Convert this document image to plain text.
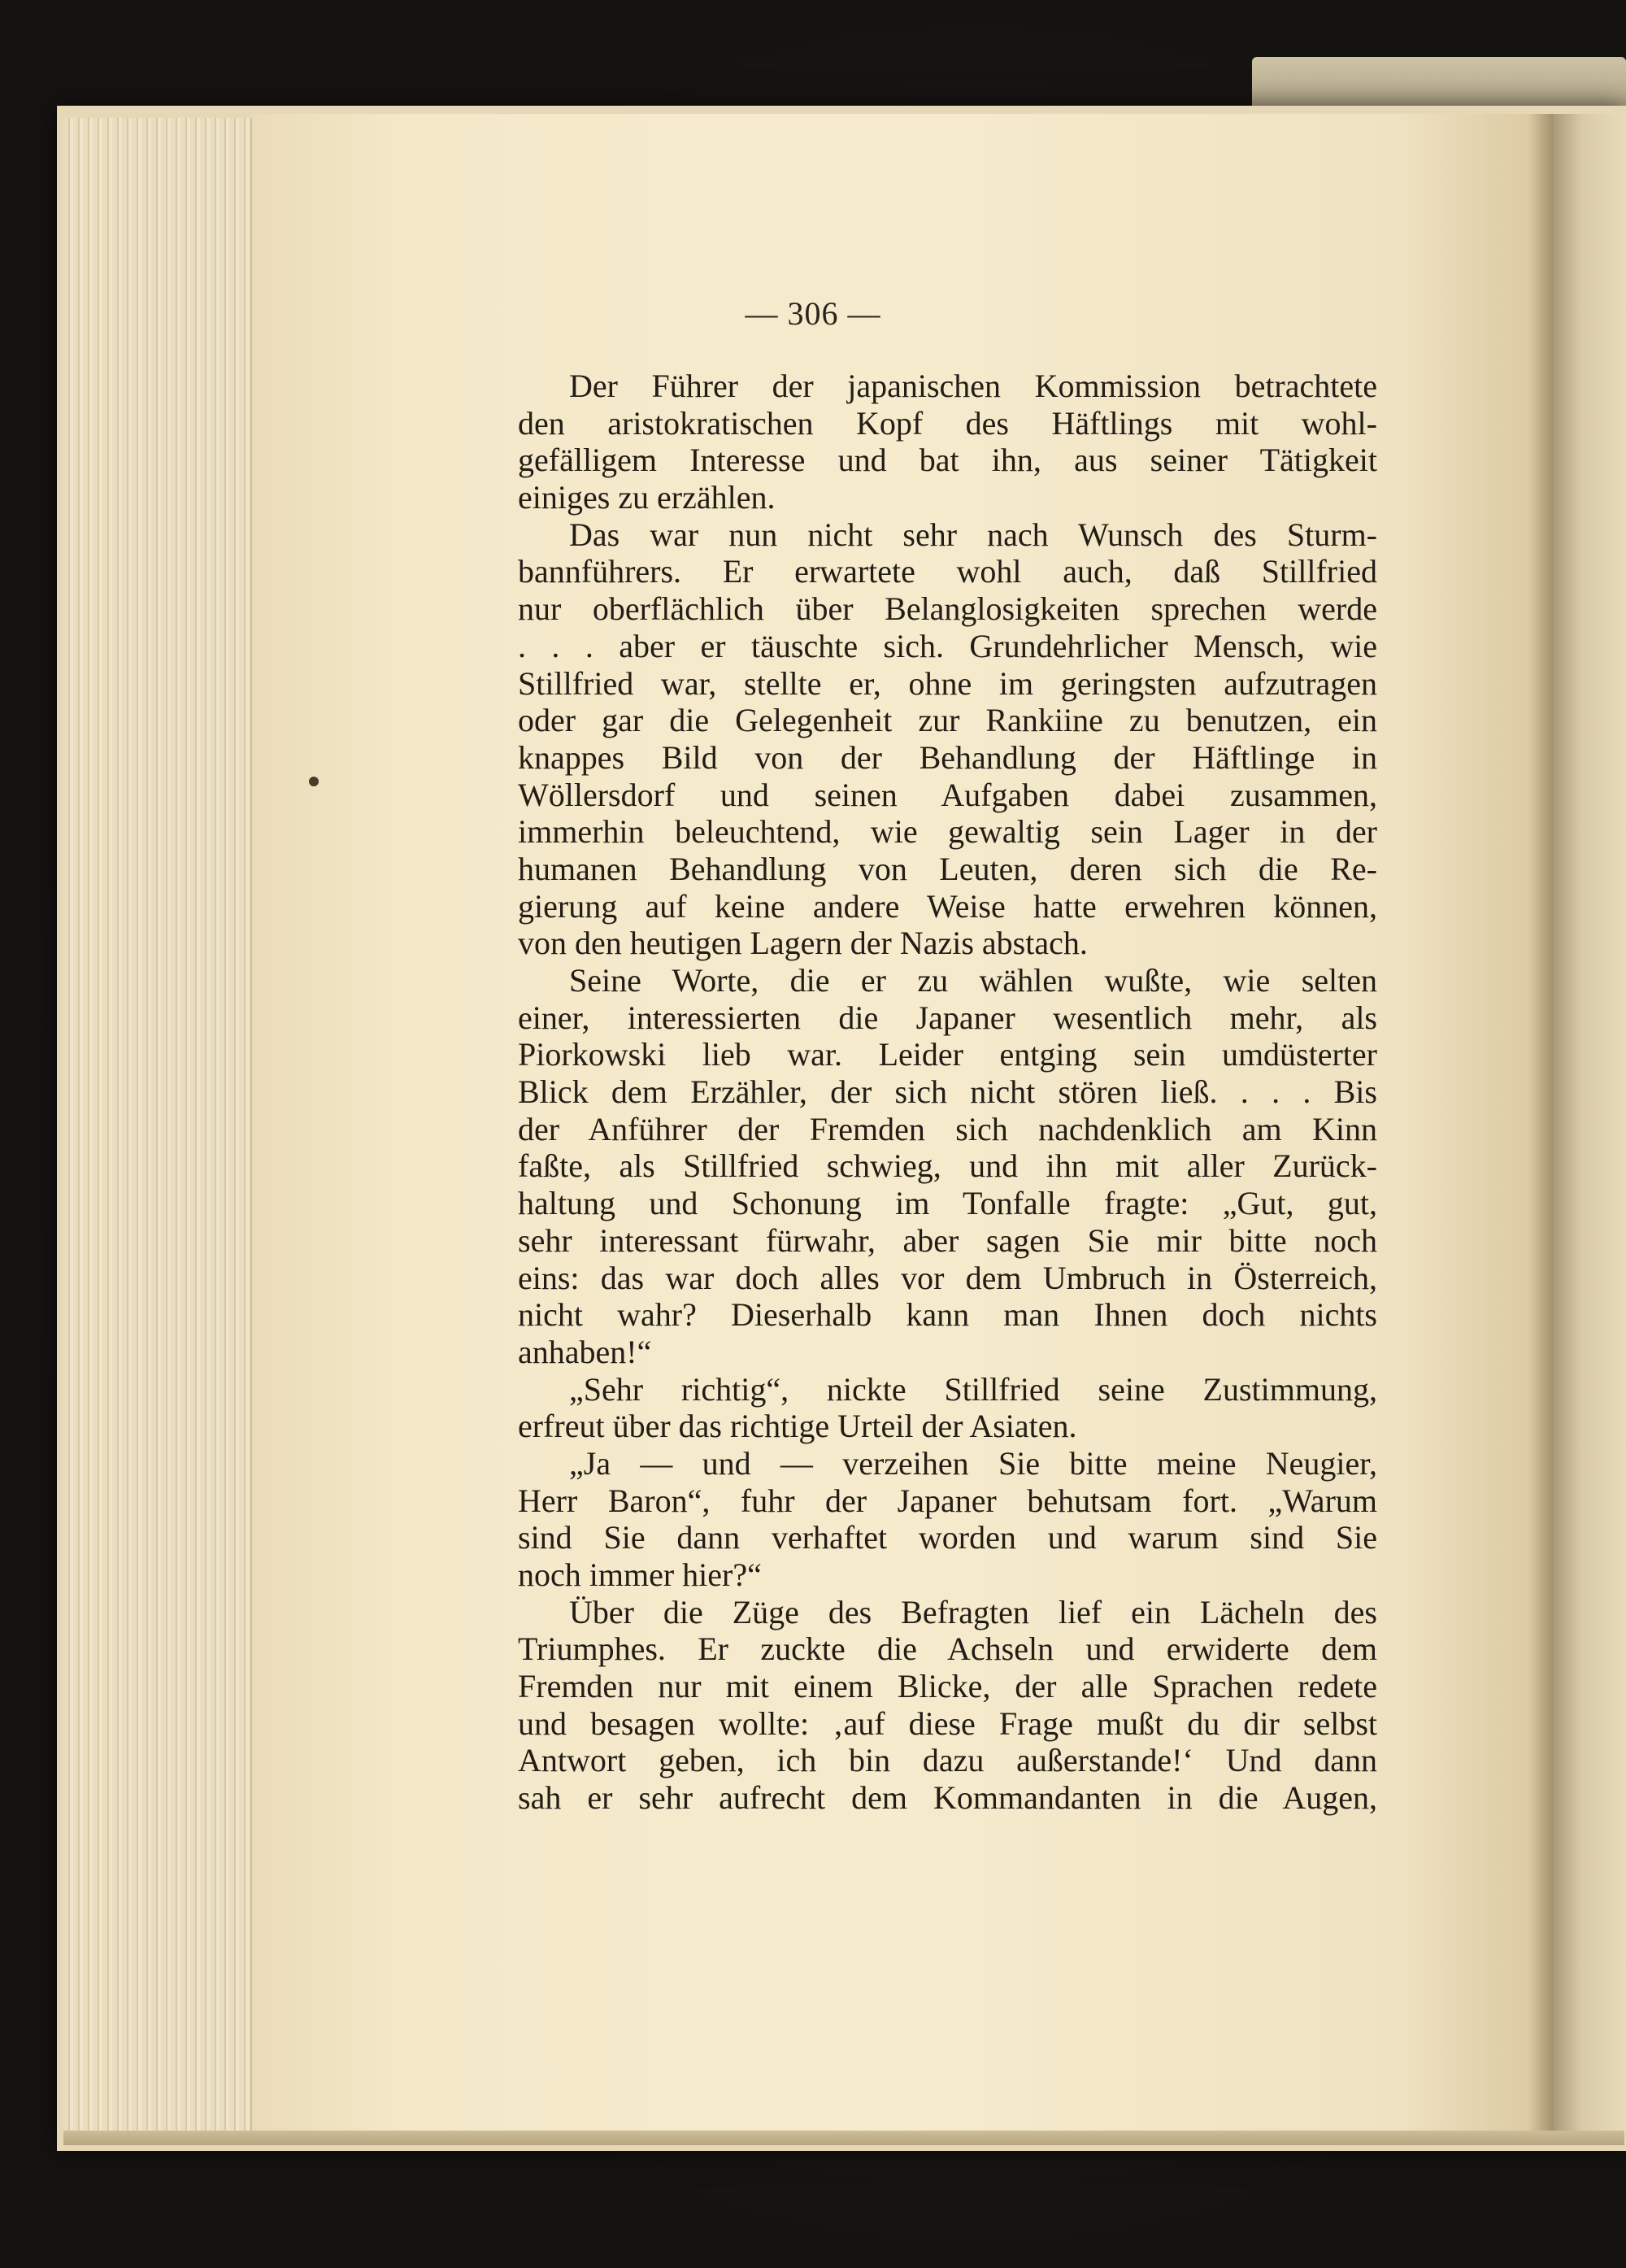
— 306 —
Der Führer der japanischen Kommission betrachtete
den aristokratischen Kopf des Häftlings mit wohl-
gefälligem Interesse und bat ihn, aus seiner Tätigkeit
einiges zu erzählen.
Das war nun nicht sehr nach Wunsch des Sturm-
bannführers. Er erwartete wohl auch, daß Stillfried
nur oberflächlich über Belanglosigkeiten sprechen werde
. . . aber er täuschte sich. Grundehrlicher Mensch, wie
Stillfried war, stellte er, ohne im geringsten aufzutragen
oder gar die Gelegenheit zur Rankiine zu benutzen, ein
knappes Bild von der Behandlung der Häftlinge in
Wöllersdorf und seinen Aufgaben dabei zusammen,
immerhin beleuchtend, wie gewaltig sein Lager in der
humanen Behandlung von Leuten, deren sich die Re-
gierung auf keine andere Weise hatte erwehren können,
von den heutigen Lagern der Nazis abstach.
Seine Worte, die er zu wählen wußte, wie selten
einer, interessierten die Japaner wesentlich mehr, als
Piorkowski lieb war. Leider entging sein umdüsterter
Blick dem Erzähler, der sich nicht stören ließ. . . . Bis
der Anführer der Fremden sich nachdenklich am Kinn
faßte, als Stillfried schwieg, und ihn mit aller Zurück-
haltung und Schonung im Tonfalle fragte: „Gut, gut,
sehr interessant fürwahr, aber sagen Sie mir bitte noch
eins: das war doch alles vor dem Umbruch in Österreich,
nicht wahr? Dieserhalb kann man Ihnen doch nichts
anhaben!“
„Sehr richtig“, nickte Stillfried seine Zustimmung,
erfreut über das richtige Urteil der Asiaten.
„Ja — und — verzeihen Sie bitte meine Neugier,
Herr Baron“, fuhr der Japaner behutsam fort. „Warum
sind Sie dann verhaftet worden und warum sind Sie
noch immer hier?“
Über die Züge des Befragten lief ein Lächeln des
Triumphes. Er zuckte die Achseln und erwiderte dem
Fremden nur mit einem Blicke, der alle Sprachen redete
und besagen wollte: ‚auf diese Frage mußt du dir selbst
Antwort geben, ich bin dazu außerstande!‘ Und dann
sah er sehr aufrecht dem Kommandanten in die Augen,
